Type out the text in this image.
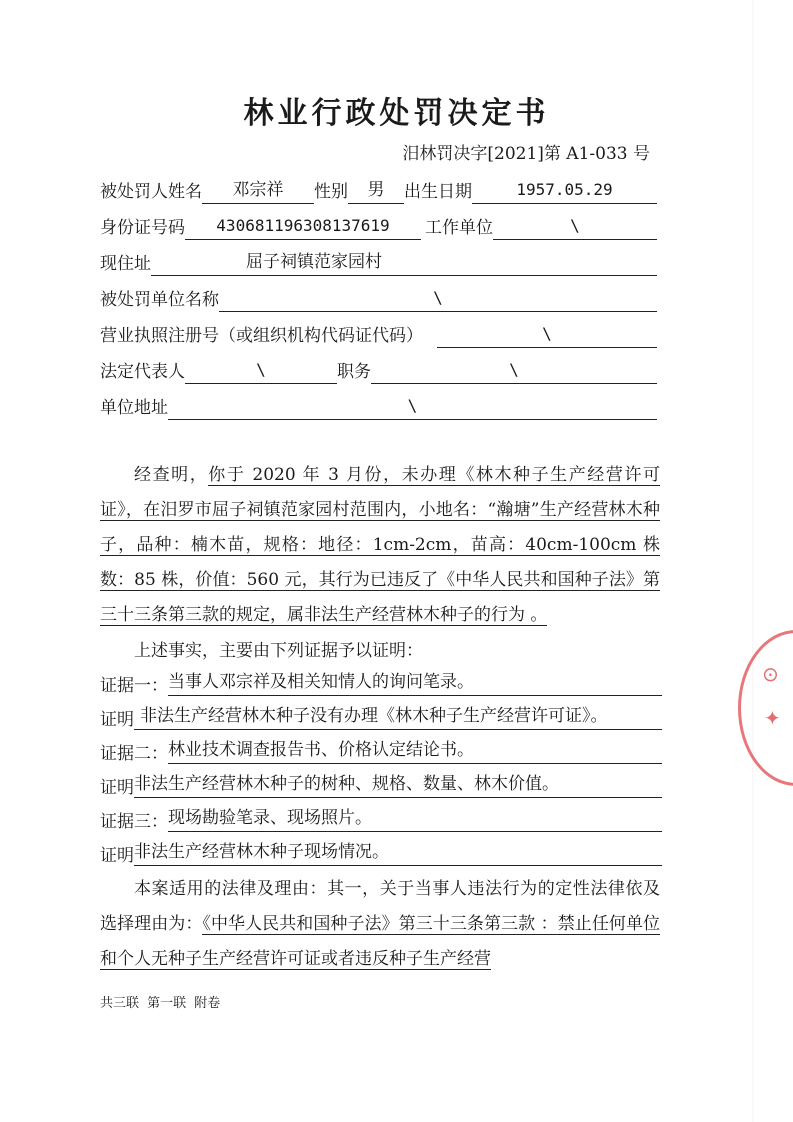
林业行政处罚决定书
汨林罚决字[2021]第 A1-033 号
被处罚人姓名	邓宗祥	性别	男	出生日期	1957.05.29
身份证号码	430681196308137619	工作单位	\
现住址	屈子祠镇范家园村
被处罚单位名称	\
营业执照注册号（或组织机构代码证代码）	\
法定代表人	\	职务	\
单位地址	\
经查明，你于 2020 年 3 月份，未办理《林木种子生产经营许可证》，在汨罗市屈子祠镇范家园村范围内，小地名：“瀚塘”生产经营林木种子，品种：楠木苗，规格：地径：1cm-2cm，苗高：40cm-100cm 株数：85 株，价值：560 元，其行为已违反了《中华人民共和国种子法》第三十三条第三款的规定，属非法生产经营林木种子的行为 。
上述事实，主要由下列证据予以证明：
证据一： 当事人邓宗祥及相关知情人的询问笔录。
证明 非法生产经营林木种子没有办理《林木种子生产经营许可证》。
证据二： 林业技术调查报告书、价格认定结论书。
证明 非法生产经营林木种子的树种、规格、数量、林木价值。
证据三： 现场勘验笔录、现场照片。
证明 非法生产经营林木种子现场情况。
本案适用的法律及理由：其一，关于当事人违法行为的定性法律依及选择理由为：《中华人民共和国种子法》第三十三条第三款 ：禁止任何单位和个人无种子生产经营许可证或者违反种子生产经营
共三联 第一联 附卷
⊙
✦
